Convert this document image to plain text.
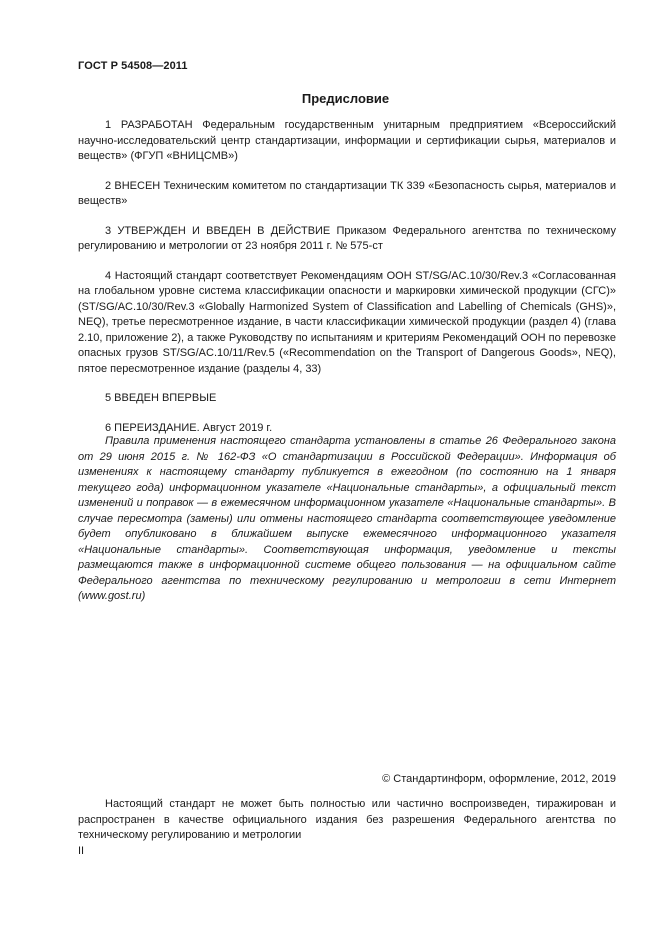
ГОСТ Р 54508—2011
Предисловие

1 РАЗРАБОТАН Федеральным государственным унитарным предприятием «Всероссийский научно-исследовательский центр стандартизации, информации и сертификации сырья, материалов и веществ» (ФГУП «ВНИЦСМВ»)

2 ВНЕСЕН Техническим комитетом по стандартизации ТК 339 «Безопасность сырья, материалов и веществ»

3 УТВЕРЖДЕН И ВВЕДЕН В ДЕЙСТВИЕ Приказом Федерального агентства по техническому регулированию и метрологии от 23 ноября 2011 г. № 575-ст

4 Настоящий стандарт соответствует Рекомендациям ООН ST/SG/AC.10/30/Rev.3 «Согласованная на глобальном уровне система классификации опасности и маркировки химической продукции (СГС)» (ST/SG/AC.10/30/Rev.3 «Globally Harmonized System of Classification and Labelling of Chemicals (GHS)», NEQ), третье пересмотренное издание, в части классификации химической продукции (раздел 4) (глава 2.10, приложение 2), а также Руководству по испытаниям и критериям Рекомендаций ООН по перевозке опасных грузов ST/SG/AC.10/11/Rev.5 («Recommendation on the Transport of Dangerous Goods», NEQ), пятое пересмотренное издание (разделы 4, 33)

5 ВВЕДЕН ВПЕРВЫЕ

6 ПЕРЕИЗДАНИЕ. Август 2019 г.

Правила применения настоящего стандарта установлены в статье 26 Федерального закона от 29 июня 2015 г. № 162-ФЗ «О стандартизации в Российской Федерации». Информация об изменениях к настоящему стандарту публикуется в ежегодном (по состоянию на 1 января текущего года) информационном указателе «Национальные стандарты», а официальный текст изменений и поправок — в ежемесячном информационном указателе «Национальные стандарты». В случае пересмотра (замены) или отмены настоящего стандарта соответствующее уведомление будет опубликовано в ближайшем выпуске ежемесячного информационного указателя «Национальные стандарты». Соответствующая информация, уведомление и тексты размещаются также в информационной системе общего пользования — на официальном сайте Федерального агентства по техническому регулированию и метрологии в сети Интернет (www.gost.ru)

© Стандартинформ, оформление, 2012, 2019

Настоящий стандарт не может быть полностью или частично воспроизведен, тиражирован и распространен в качестве официального издания без разрешения Федерального агентства по техническому регулированию и метрологии

II
